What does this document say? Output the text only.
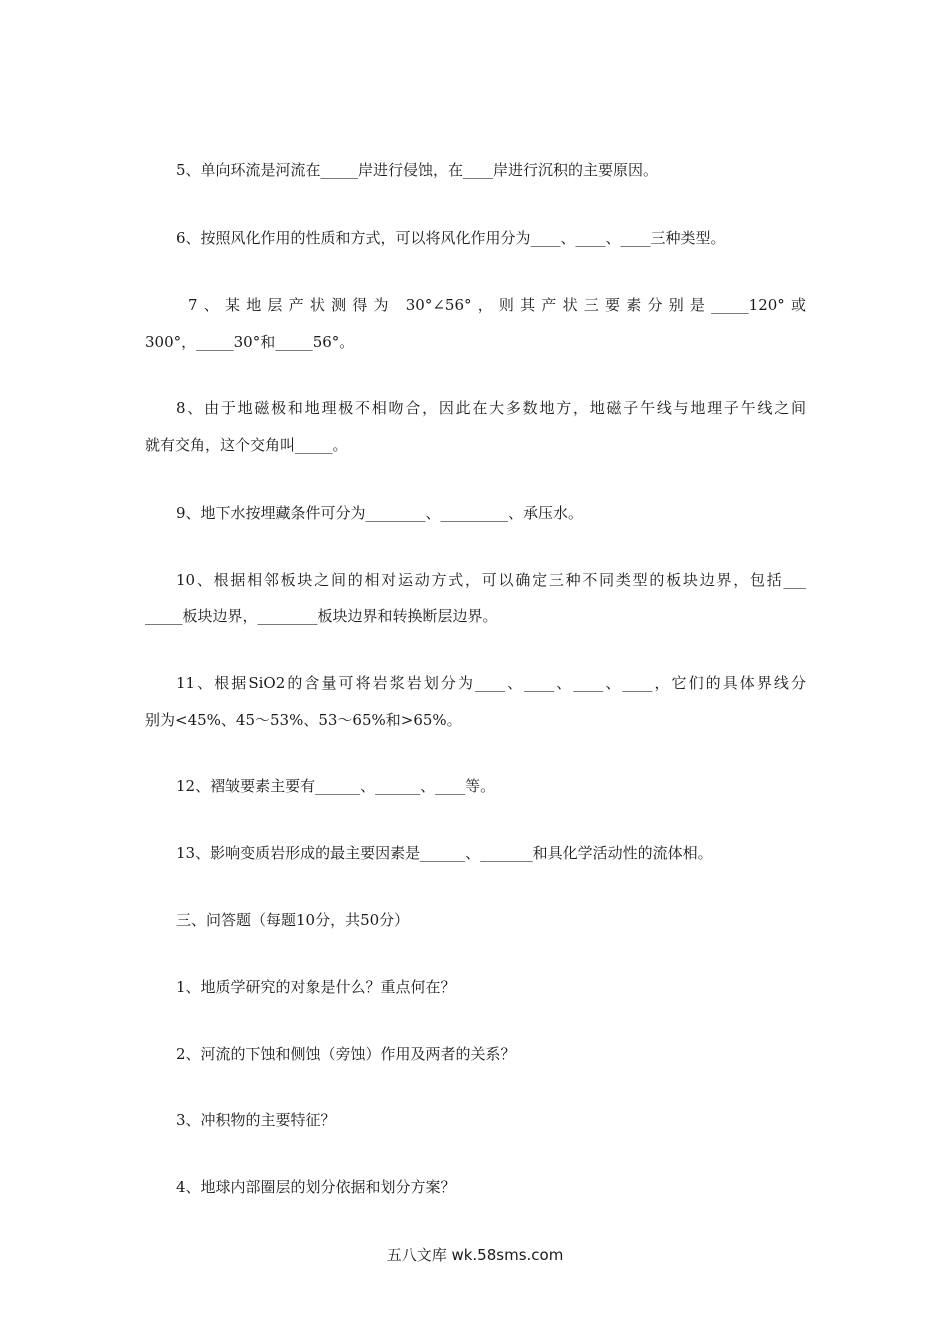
5、单向环流是河流在_____岸进行侵蚀，在____岸进行沉积的主要原因。
6、按照风化作用的性质和方式，可以将风化作用分为____、____、____三种类型。
7、某地层产状测得为 30°∠56°，则其产状三要素分别是_____120°或
300°，_____30°和_____56°。
8、由于地磁极和地理极不相吻合，因此在大多数地方，地磁子午线与地理子午线之间
就有交角，这个交角叫_____。
9、地下水按埋藏条件可分为________、_________、承压水。
10、根据相邻板块之间的相对运动方式，可以确定三种不同类型的板块边界，包括___
_____板块边界，________板块边界和转换断层边界。
11、根据SiO2的含量可将岩浆岩划分为____、____、____、____，它们的具体界线分
别为<45%、45～53%、53～65%和>65%。
12、褶皱要素主要有______、______、____等。
13、影响变质岩形成的最主要因素是______、_______和具化学活动性的流体相。
三、问答题（每题10分，共50分）
1、地质学研究的对象是什么？重点何在？
2、河流的下蚀和侧蚀（旁蚀）作用及两者的关系？
3、冲积物的主要特征？
4、地球内部圈层的划分依据和划分方案？
五八文库 wk.58sms.com
